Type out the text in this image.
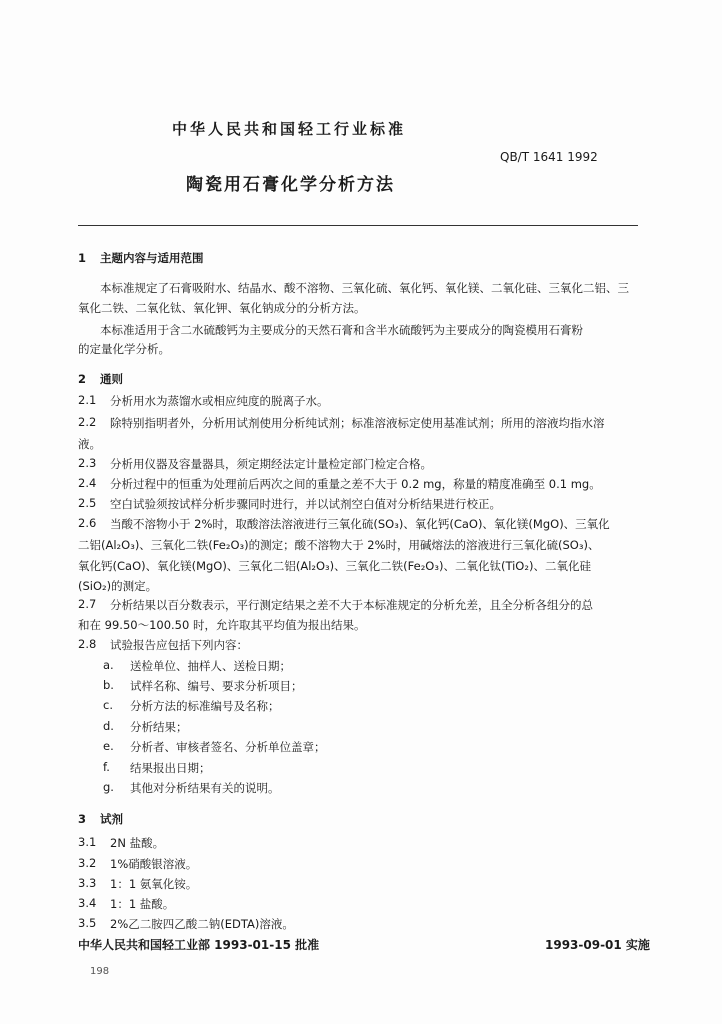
中华人民共和国轻工行业标准
QB/T 1641 1992
陶瓷用石膏化学分析方法
1 主题内容与适用范围
本标准规定了石膏吸附水、结晶水、酸不溶物、三氧化硫、氧化钙、氧化镁、二氧化硅、三氧化二铝、三
氧化二铁、二氧化钛、氧化钾、氧化钠成分的分析方法。
本标准适用于含二水硫酸钙为主要成分的天然石膏和含半水硫酸钙为主要成分的陶瓷模用石膏粉
的定量化学分析。
2 通则
2.1 分析用水为蒸馏水或相应纯度的脱离子水。
2.2 除特别指明者外，分析用试剂使用分析纯试剂；标准溶液标定使用基准试剂；所用的溶液均指水溶
液。
2.3 分析用仪器及容量器具，须定期经法定计量检定部门检定合格。
2.4 分析过程中的恒重为处理前后两次之间的重量之差不大于 0.2 mg，称量的精度准确至 0.1 mg。
2.5 空白试验须按试样分析步骤同时进行，并以试剂空白值对分析结果进行校正。
2.6 当酸不溶物小于 2%时，取酸溶法溶液进行三氧化硫(SO₃)、氧化钙(CaO)、氧化镁(MgO)、三氧化
二铝(Al₂O₃)、三氧化二铁(Fe₂O₃)的测定；酸不溶物大于 2%时，用碱熔法的溶液进行三氧化硫(SO₃)、
氧化钙(CaO)、氧化镁(MgO)、三氧化二铝(Al₂O₃)、三氧化二铁(Fe₂O₃)、二氧化钛(TiO₂)、二氧化硅
(SiO₂)的测定。
2.7 分析结果以百分数表示，平行测定结果之差不大于本标准规定的分析允差，且全分析各组分的总
和在 99.50～100.50 时，允许取其平均值为报出结果。
2.8 试验报告应包括下列内容：
a. 送检单位、抽样人、送检日期；
b. 试样名称、编号、要求分析项目；
c. 分析方法的标准编号及名称；
d. 分析结果；
e. 分析者、审核者签名、分析单位盖章；
f. 结果报出日期；
g. 其他对分析结果有关的说明。
3 试剂
3.1 2N 盐酸。
3.2 1%硝酸银溶液。
3.3 1：1 氨氧化铵。
3.4 1：1 盐酸。
3.5 2%乙二胺四乙酸二钠(EDTA)溶液。
中华人民共和国轻工业部 1993-01-15 批准	1993-09-01 实施
198
